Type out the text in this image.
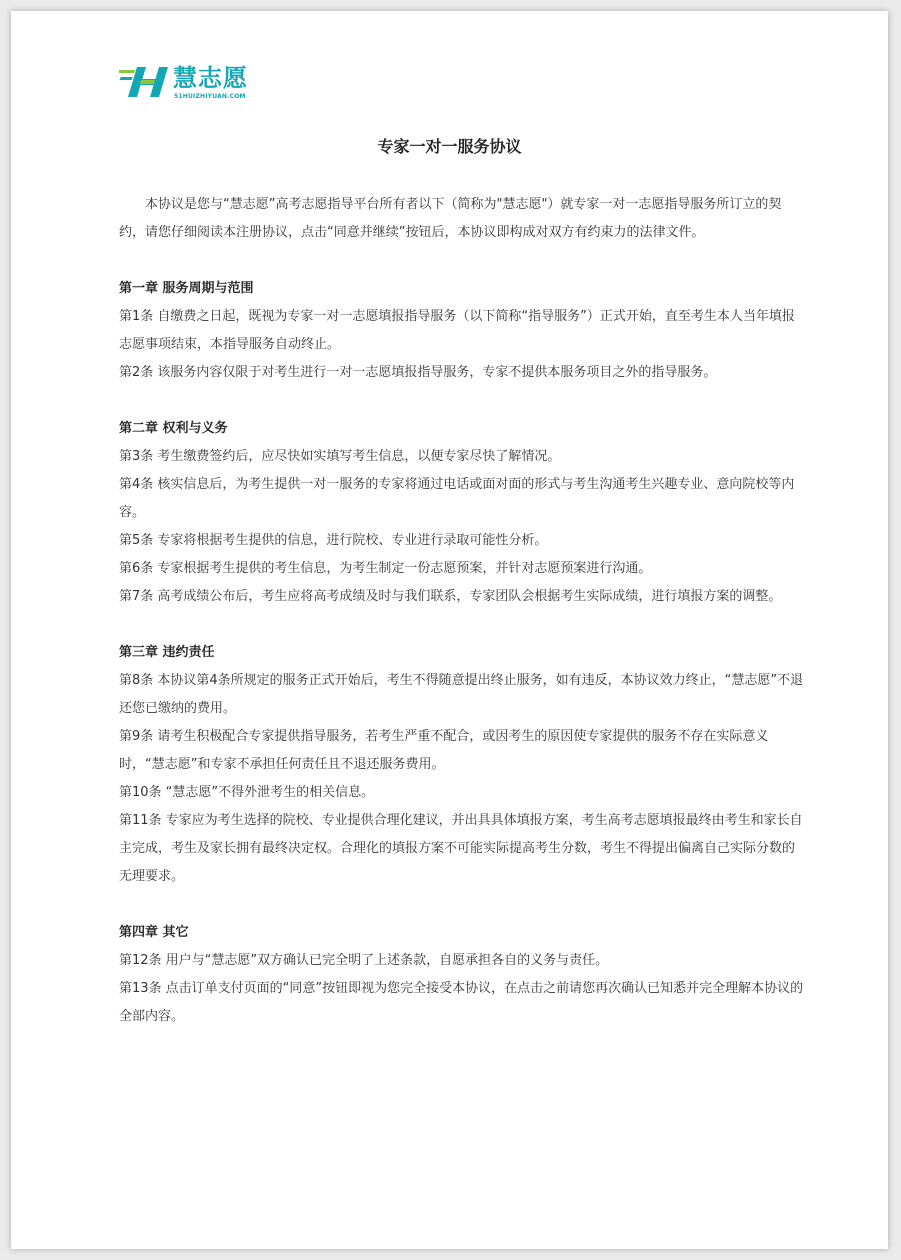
慧志愿
51HUIZHIYUAN.COM
专家一对一服务协议

本协议是您与“慧志愿”高考志愿指导平台所有者以下（简称为"慧志愿"）就专家一对一志愿指导服务所订立的契约，请您仔细阅读本注册协议，点击“同意并继续”按钮后，本协议即构成对双方有约束力的法律文件。

第一章 服务周期与范围

第1条 自缴费之日起，既视为专家一对一志愿填报指导服务（以下简称“指导服务”）正式开始，直至考生本人当年填报志愿事项结束，本指导服务自动终止。

第2条 该服务内容仅限于对考生进行一对一志愿填报指导服务，专家不提供本服务项目之外的指导服务。

第二章 权利与义务

第3条 考生缴费签约后，应尽快如实填写考生信息，以便专家尽快了解情况。

第4条 核实信息后，为考生提供一对一服务的专家将通过电话或面对面的形式与考生沟通考生兴趣专业、意向院校等内容。

第5条 专家将根据考生提供的信息，进行院校、专业进行录取可能性分析。

第6条 专家根据考生提供的考生信息，为考生制定一份志愿预案，并针对志愿预案进行沟通。

第7条 高考成绩公布后，考生应将高考成绩及时与我们联系，专家团队会根据考生实际成绩，进行填报方案的调整。

第三章 违约责任

第8条 本协议第4条所规定的服务正式开始后，考生不得随意提出终止服务，如有违反，本协议效力终止，“慧志愿”不退还您已缴纳的费用。

第9条 请考生积极配合专家提供指导服务，若考生严重不配合，或因考生的原因使专家提供的服务不存在实际意义时，“慧志愿”和专家不承担任何责任且不退还服务费用。

第10条 “慧志愿”不得外泄考生的相关信息。

第11条 专家应为考生选择的院校、专业提供合理化建议，并出具具体填报方案，考生高考志愿填报最终由考生和家长自主完成，考生及家长拥有最终决定权。合理化的填报方案不可能实际提高考生分数，考生不得提出偏离自己实际分数的无理要求。

第四章 其它

第12条 用户与“慧志愿”双方确认已完全明了上述条款，自愿承担各自的义务与责任。

第13条 点击订单支付页面的“同意”按钮即视为您完全接受本协议，在点击之前请您再次确认已知悉并完全理解本协议的全部内容。
